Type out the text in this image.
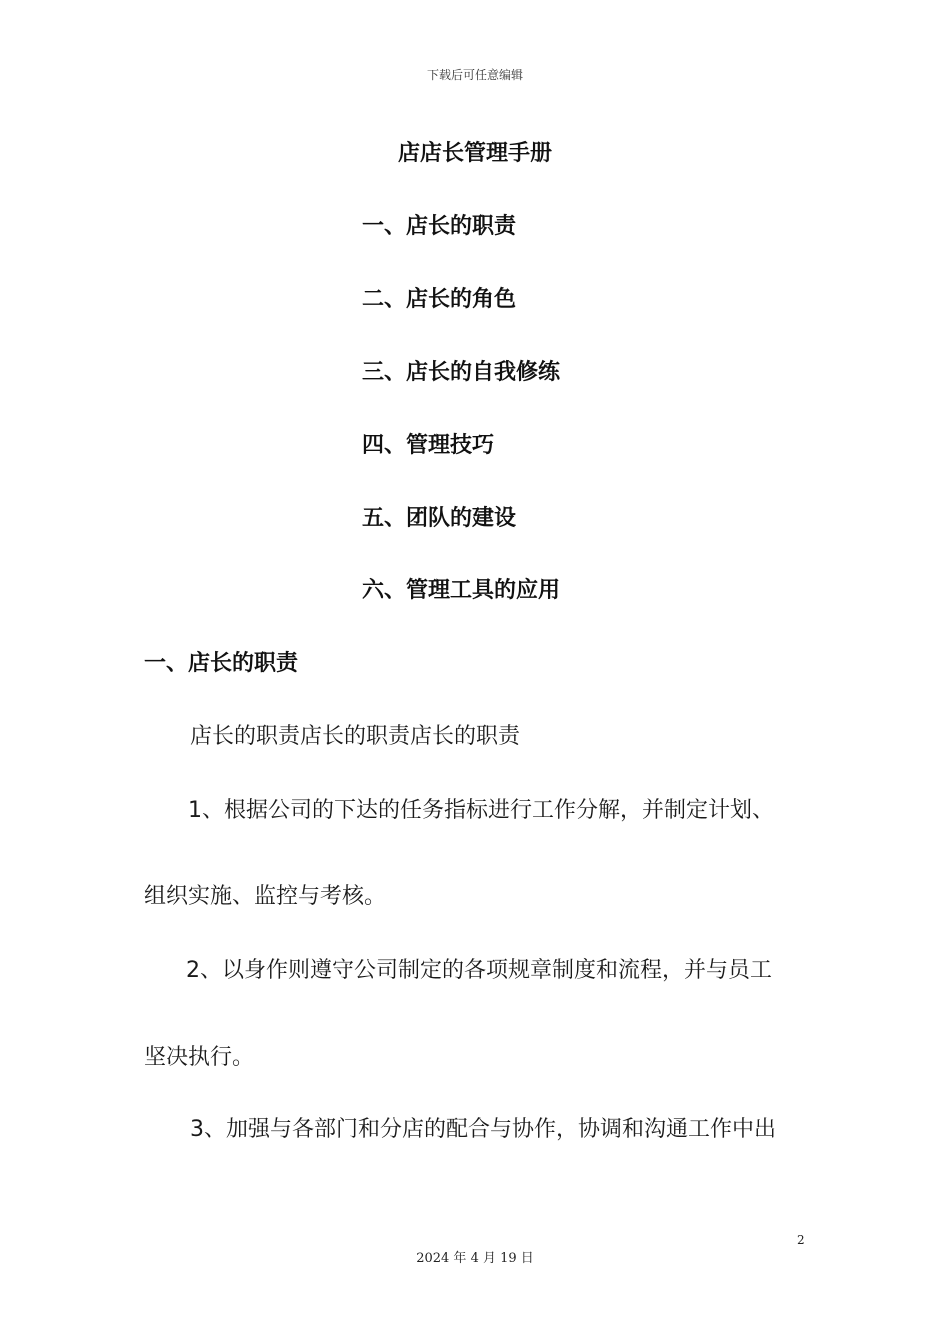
下载后可任意编辑
店店长管理手册
一、店长的职责
二、店长的角色
三、店长的自我修练
四、管理技巧
五、团队的建设
六、管理工具的应用
一、店长的职责
店长的职责店长的职责店长的职责
1、根据公司的下达的任务指标进行工作分解，并制定计划、
组织实施、监控与考核。
2、以身作则遵守公司制定的各项规章制度和流程，并与员工
坚决执行。
3、加强与各部门和分店的配合与协作，协调和沟通工作中出
2
2024 年 4 月 19 日
